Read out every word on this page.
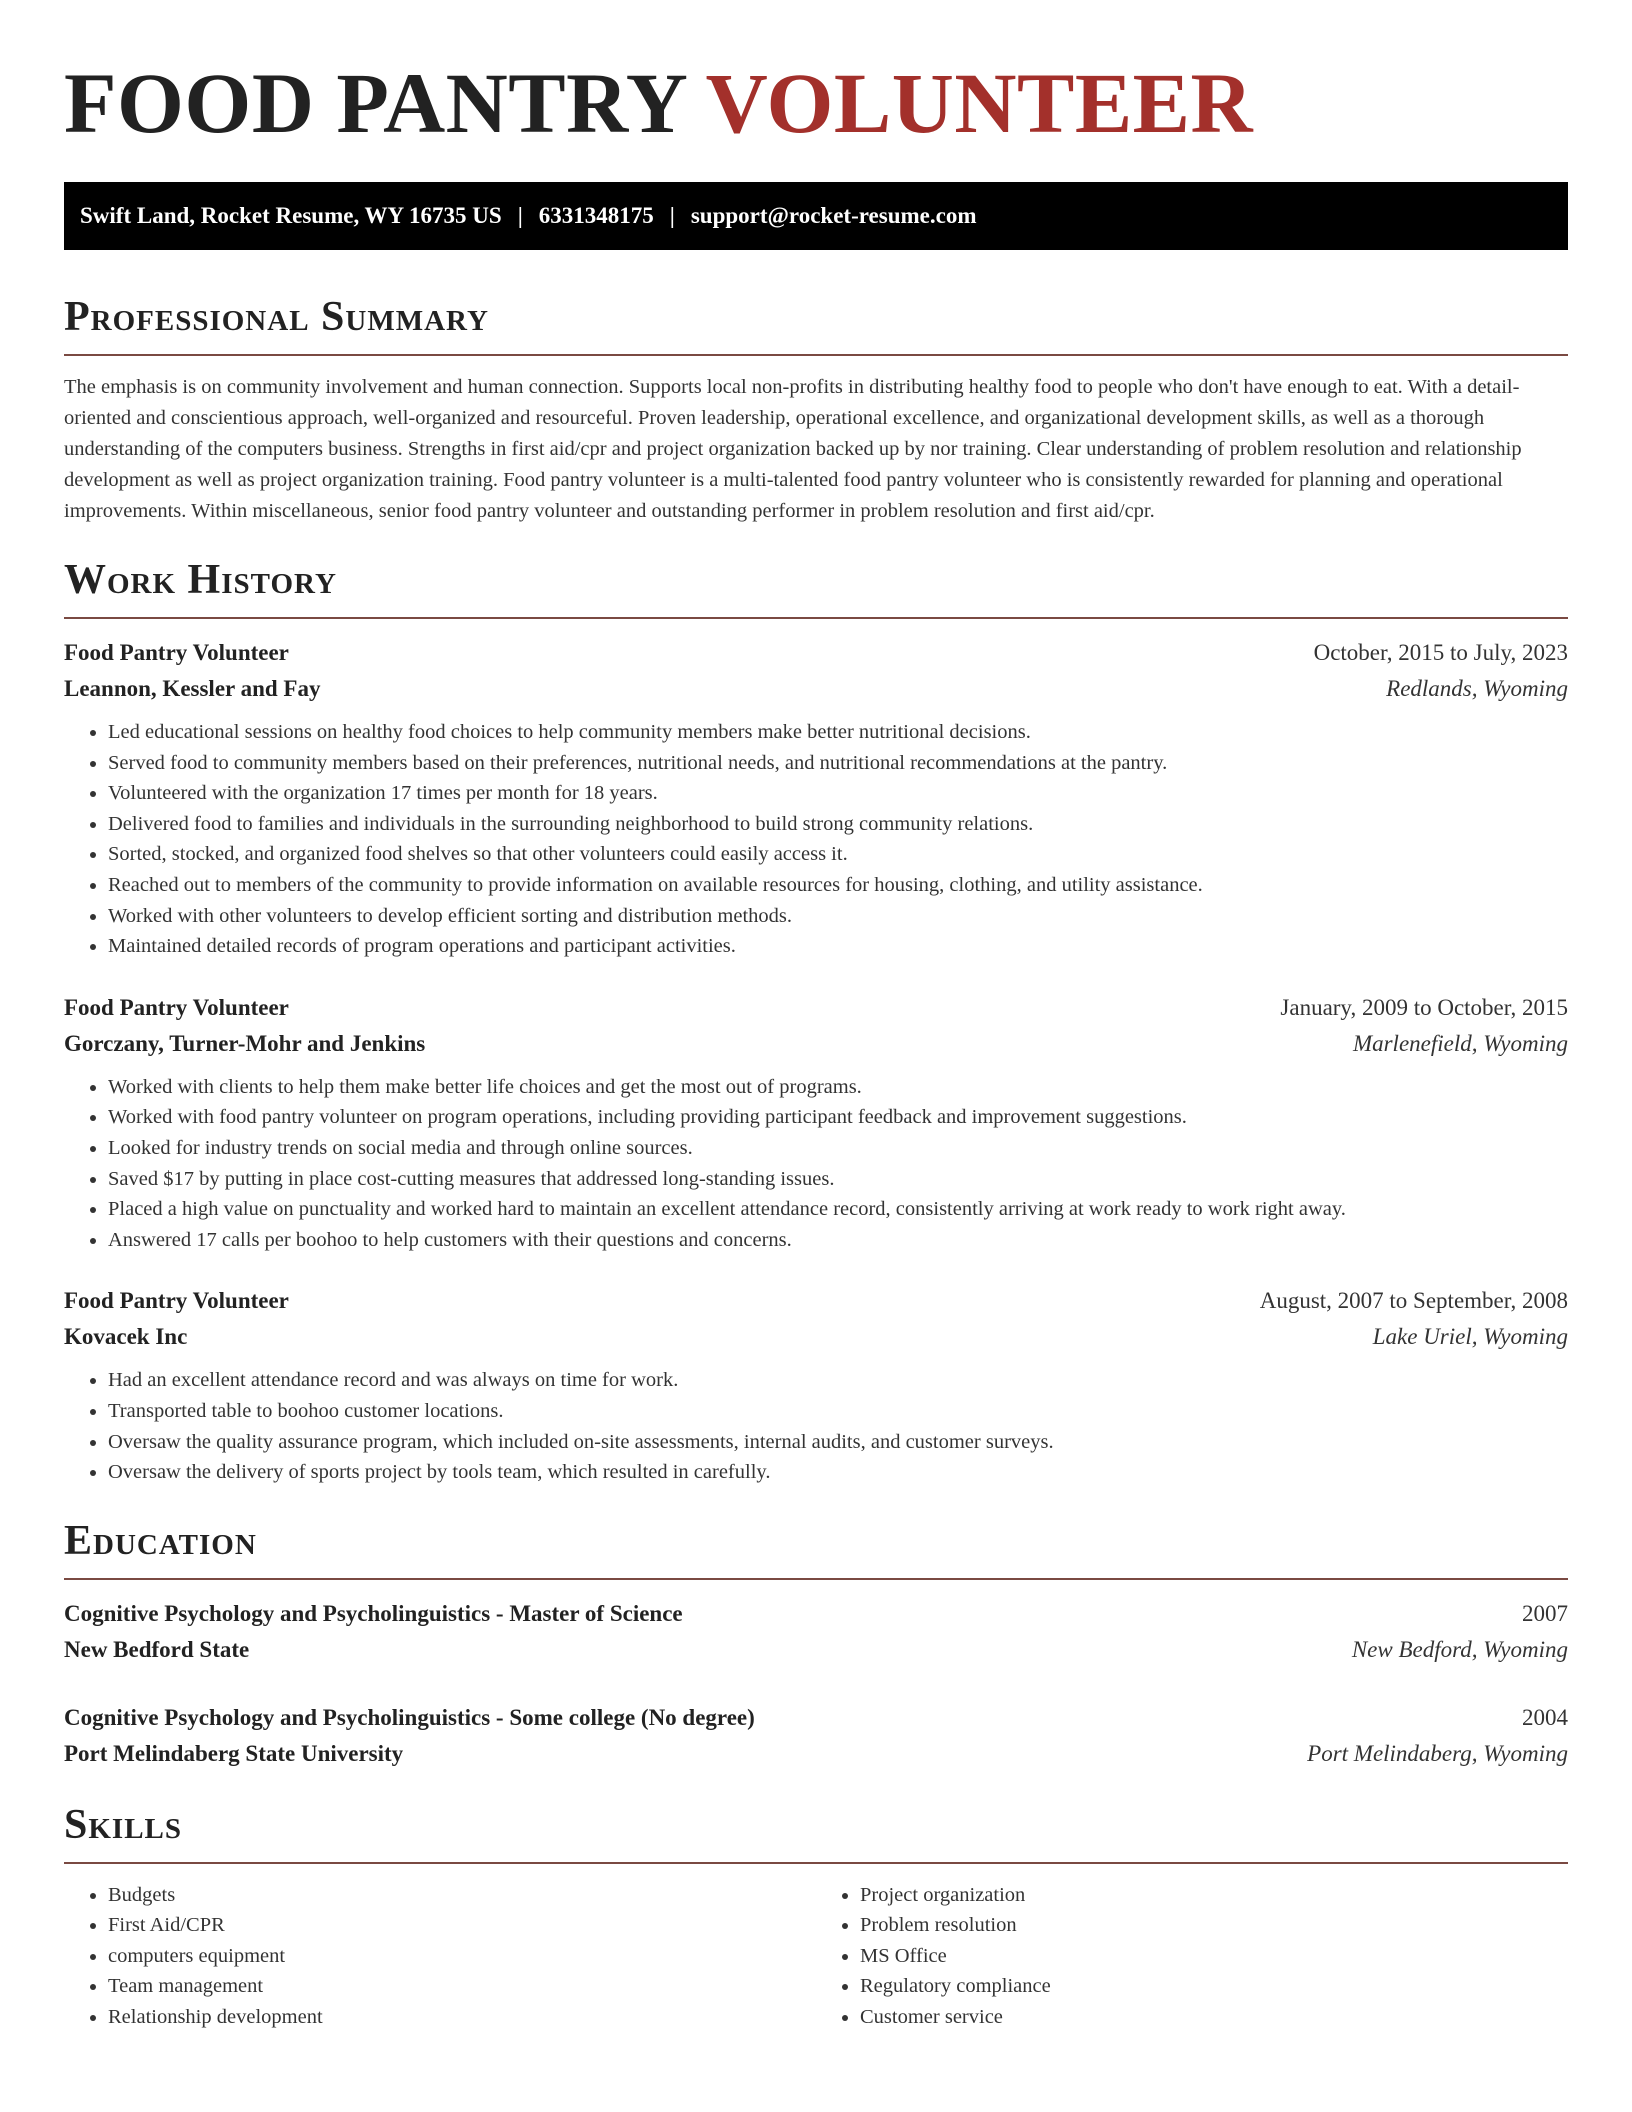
FOOD PANTRY VOLUNTEER
Swift Land, Rocket Resume, WY 16735 US | 6331348175 | support@rocket-resume.com
Professional Summary

The emphasis is on community involvement and human connection. Supports local non-profits in distributing healthy food to people who don't have enough to eat. With a detail-oriented and conscientious approach, well-organized and resourceful. Proven leadership, operational excellence, and organizational development skills, as well as a thorough understanding of the computers business. Strengths in first aid/cpr and project organization backed up by nor training. Clear understanding of problem resolution and relationship development as well as project organization training. Food pantry volunteer is a multi-talented food pantry volunteer who is consistently rewarded for planning and operational improvements. Within miscellaneous, senior food pantry volunteer and outstanding performer in problem resolution and first aid/cpr.

Work History
Food Pantry Volunteer	October, 2015 to July, 2023
Leannon, Kessler and Fay	Redlands, Wyoming
• Led educational sessions on healthy food choices to help community members make better nutritional decisions.
• Served food to community members based on their preferences, nutritional needs, and nutritional recommendations at the pantry.
• Volunteered with the organization 17 times per month for 18 years.
• Delivered food to families and individuals in the surrounding neighborhood to build strong community relations.
• Sorted, stocked, and organized food shelves so that other volunteers could easily access it.
• Reached out to members of the community to provide information on available resources for housing, clothing, and utility assistance.
• Worked with other volunteers to develop efficient sorting and distribution methods.
• Maintained detailed records of program operations and participant activities.
Food Pantry Volunteer	January, 2009 to October, 2015
Gorczany, Turner-Mohr and Jenkins	Marlenefield, Wyoming
• Worked with clients to help them make better life choices and get the most out of programs.
• Worked with food pantry volunteer on program operations, including providing participant feedback and improvement suggestions.
• Looked for industry trends on social media and through online sources.
• Saved $17 by putting in place cost-cutting measures that addressed long-standing issues.
• Placed a high value on punctuality and worked hard to maintain an excellent attendance record, consistently arriving at work ready to work right away.
• Answered 17 calls per boohoo to help customers with their questions and concerns.
Food Pantry Volunteer	August, 2007 to September, 2008
Kovacek Inc	Lake Uriel, Wyoming
• Had an excellent attendance record and was always on time for work.
• Transported table to boohoo customer locations.
• Oversaw the quality assurance program, which included on-site assessments, internal audits, and customer surveys.
• Oversaw the delivery of sports project by tools team, which resulted in carefully.
Education
Cognitive Psychology and Psycholinguistics - Master of Science	2007
New Bedford State	New Bedford, Wyoming
Cognitive Psychology and Psycholinguistics - Some college (No degree)	2004
Port Melindaberg State University	Port Melindaberg, Wyoming
Skills
• Budgets
• First Aid/CPR
• computers equipment
• Team management
• Relationship development
• Project organization
• Problem resolution
• MS Office
• Regulatory compliance
• Customer service
